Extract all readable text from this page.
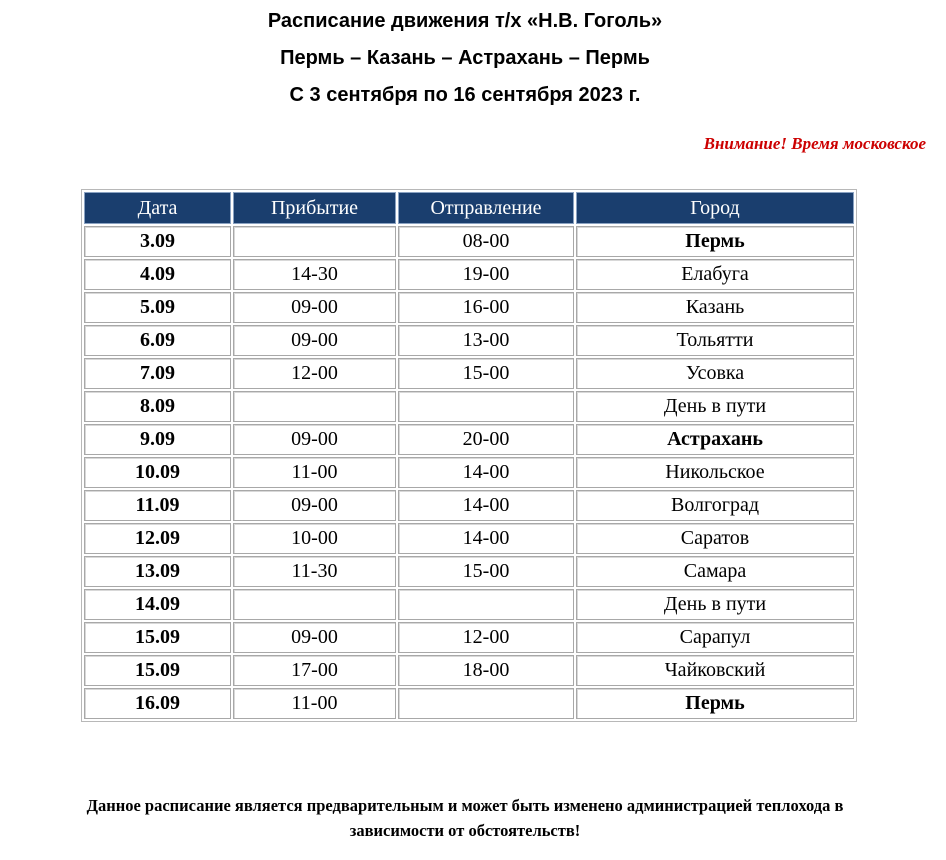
Расписание движения т/х «Н.В. Гоголь»
Пермь – Казань – Астрахань – Пермь
С 3 сентября по 16 сентября 2023 г.
Внимание! Время московское
Дата	Прибытие	Отправление	Город
3.09		08-00	Пермь
4.09	14-30	19-00	Елабуга
5.09	09-00	16-00	Казань
6.09	09-00	13-00	Тольятти
7.09	12-00	15-00	Усовка
8.09			День в пути
9.09	09-00	20-00	Астрахань
10.09	11-00	14-00	Никольское
11.09	09-00	14-00	Волгоград
12.09	10-00	14-00	Саратов
13.09	11-30	15-00	Самара
14.09			День в пути
15.09	09-00	12-00	Сарапул
15.09	17-00	18-00	Чайковский
16.09	11-00		Пермь
Данное расписание является предварительным и может быть изменено администрацией теплохода в
зависимости от обстоятельств!
